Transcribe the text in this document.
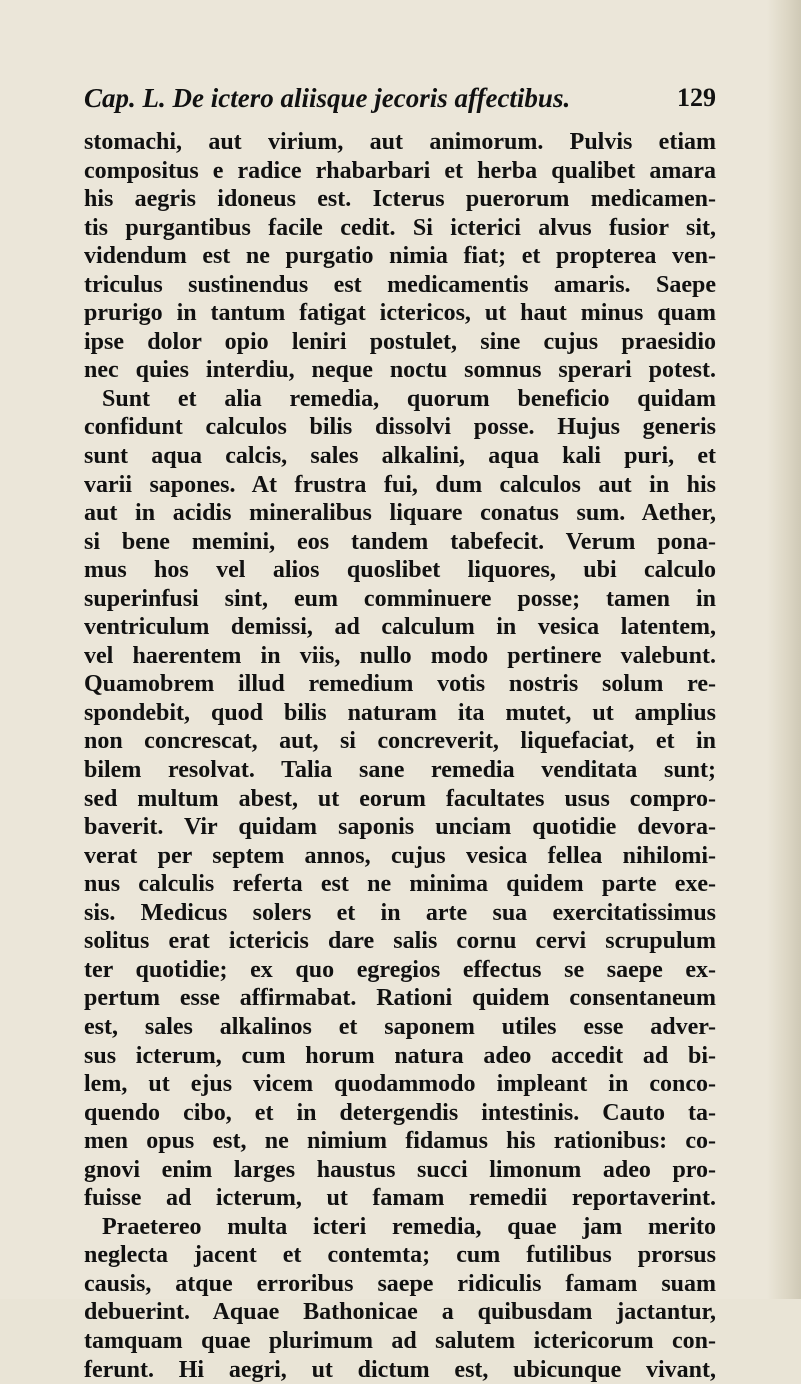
Cap. L. De ictero aliisque jecoris affectibus.	129
stomachi, aut virium, aut animorum. Pulvis etiam
compositus e radice rhabarbari et herba qualibet amara
his aegris idoneus est. Icterus puerorum medicamen-
tis purgantibus facile cedit. Si icterici alvus fusior sit,
videndum est ne purgatio nimia fiat; et propterea ven-
triculus sustinendus est medicamentis amaris. Saepe
prurigo in tantum fatigat ictericos, ut haut minus quam
ipse dolor opio leniri postulet, sine cujus praesidio
nec quies interdiu, neque noctu somnus sperari potest.
Sunt et alia remedia, quorum beneficio quidam
confidunt calculos bilis dissolvi posse. Hujus generis
sunt aqua calcis, sales alkalini, aqua kali puri, et
varii sapones. At frustra fui, dum calculos aut in his
aut in acidis mineralibus liquare conatus sum. Aether,
si bene memini, eos tandem tabefecit. Verum pona-
mus hos vel alios quoslibet liquores, ubi calculo
superinfusi sint, eum comminuere posse; tamen in
ventriculum demissi, ad calculum in vesica latentem,
vel haerentem in viis, nullo modo pertinere valebunt.
Quamobrem illud remedium votis nostris solum re-
spondebit, quod bilis naturam ita mutet, ut amplius
non concrescat, aut, si concreverit, liquefaciat, et in
bilem resolvat. Talia sane remedia venditata sunt;
sed multum abest, ut eorum facultates usus compro-
baverit. Vir quidam saponis unciam quotidie devora-
verat per septem annos, cujus vesica fellea nihilomi-
nus calculis referta est ne minima quidem parte exe-
sis. Medicus solers et in arte sua exercitatissimus
solitus erat ictericis dare salis cornu cervi scrupulum
ter quotidie; ex quo egregios effectus se saepe ex-
pertum esse affirmabat. Rationi quidem consentaneum
est, sales alkalinos et saponem utiles esse adver-
sus icterum, cum horum natura adeo accedit ad bi-
lem, ut ejus vicem quodammodo impleant in conco-
quendo cibo, et in detergendis intestinis. Cauto ta-
men opus est, ne nimium fidamus his rationibus: co-
gnovi enim larges haustus succi limonum adeo pro-
fuisse ad icterum, ut famam remedii reportaverint.
Praetereo multa icteri remedia, quae jam merito
neglecta jacent et contemta; cum futilibus prorsus
causis, atque erroribus saepe ridiculis famam suam
debuerint. Aquae Bathonicae a quibusdam jactantur,
tamquam quae plurimum ad salutem ictericorum con-
ferunt. Hi aegri, ut dictum est, ubicunque vivant,
